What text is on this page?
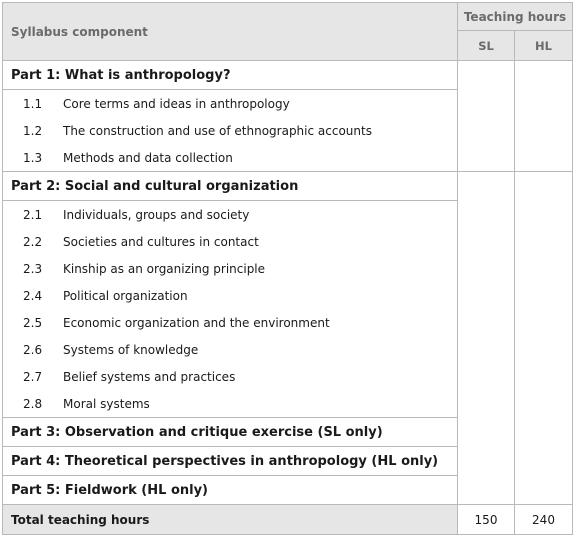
Syllabus component	Teaching hours	
	SL	HL
Part 1: What is anthropology?		
1.1 Core terms and ideas in anthropology		
1.2 The construction and use of ethnographic accounts		
1.3 Methods and data collection		
Part 2: Social and cultural organization		
2.1 Individuals, groups and society		
2.2 Societies and cultures in contact		
2.3 Kinship as an organizing principle		
2.4 Political organization		
2.5 Economic organization and the environment		
2.6 Systems of knowledge		
2.7 Belief systems and practices		
2.8 Moral systems		
Part 3: Observation and critique exercise (SL only)		
Part 4: Theoretical perspectives in anthropology (HL only)		
Part 5: Fieldwork (HL only)		
Total teaching hours	150	240
